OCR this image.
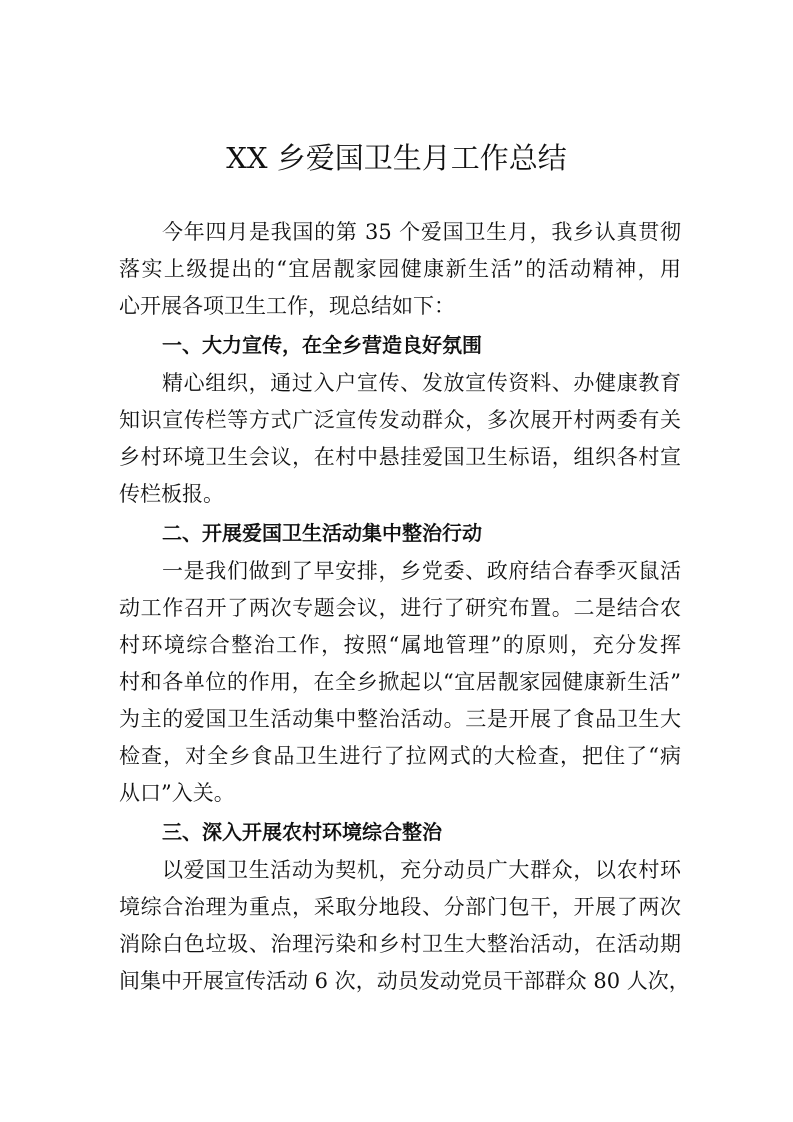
XX 乡爱国卫生月工作总结
今年四月是我国的第 35 个爱国卫生月，我乡认真贯彻
落实上级提出的“宜居靓家园健康新生活”的活动精神，用
心开展各项卫生工作，现总结如下：
一、大力宣传，在全乡营造良好氛围
精心组织，通过入户宣传、发放宣传资料、办健康教育
知识宣传栏等方式广泛宣传发动群众，多次展开村两委有关
乡村环境卫生会议，在村中悬挂爱国卫生标语，组织各村宣
传栏板报。
二、开展爱国卫生活动集中整治行动
一是我们做到了早安排，乡党委、政府结合春季灭鼠活
动工作召开了两次专题会议，进行了研究布置。二是结合农
村环境综合整治工作，按照“属地管理”的原则，充分发挥
村和各单位的作用，在全乡掀起以“宜居靓家园健康新生活”
为主的爱国卫生活动集中整治活动。三是开展了食品卫生大
检查，对全乡食品卫生进行了拉网式的大检查，把住了“病
从口”入关。
三、深入开展农村环境综合整治
以爱国卫生活动为契机，充分动员广大群众，以农村环
境综合治理为重点，采取分地段、分部门包干，开展了两次
消除白色垃圾、治理污染和乡村卫生大整治活动，在活动期
间集中开展宣传活动 6 次，动员发动党员干部群众 80 人次，
